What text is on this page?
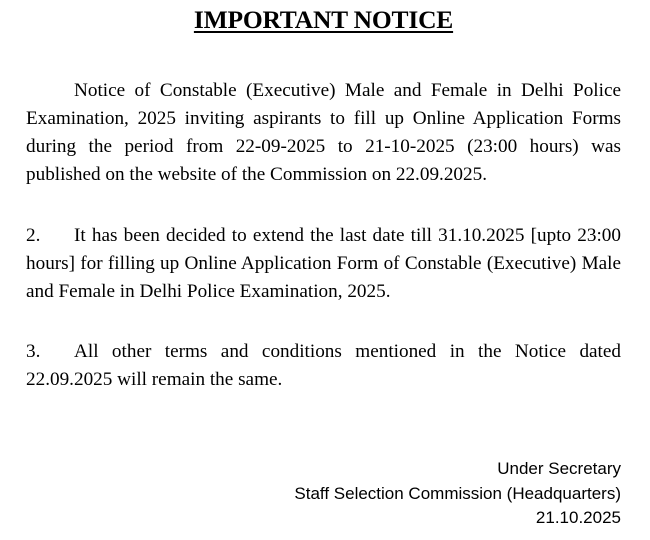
IMPORTANT NOTICE

Notice of Constable (Executive) Male and Female in Delhi Police Examination, 2025 inviting aspirants to fill up Online Application Forms during the period from 22-09-2025 to 21-10-2025 (23:00 hours) was published on the website of the Commission on 22.09.2025.

2. It has been decided to extend the last date till 31.10.2025 [upto 23:00 hours] for filling up Online Application Form of Constable (Executive) Male and Female in Delhi Police Examination, 2025.

3. All other terms and conditions mentioned in the Notice dated 22.09.2025 will remain the same.

Under Secretary
Staff Selection Commission (Headquarters)
21.10.2025
